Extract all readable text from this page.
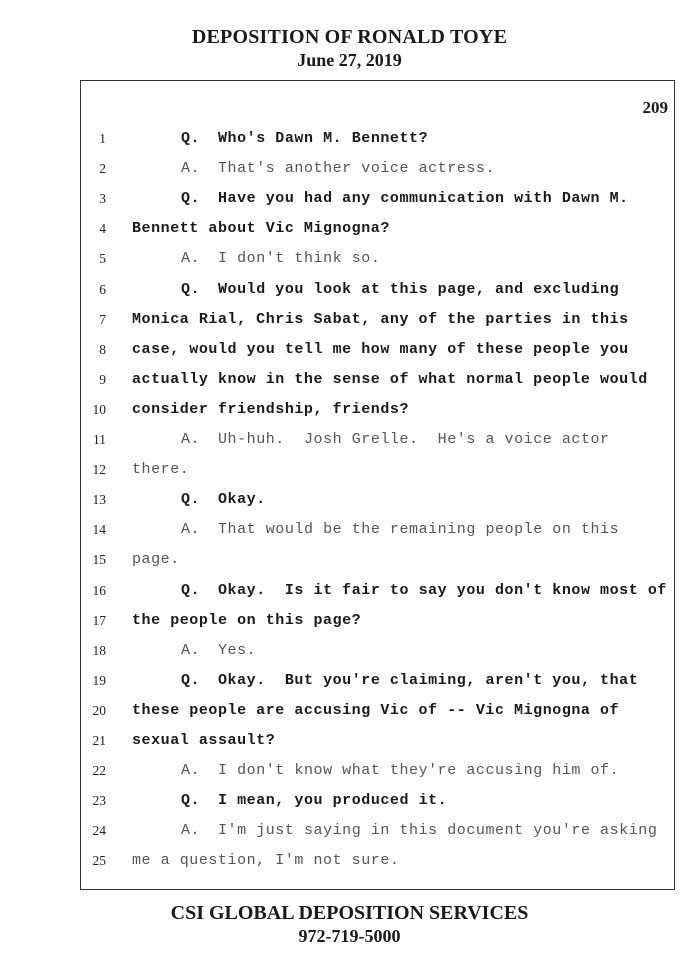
DEPOSITION OF RONALD TOYE
June 27, 2019
209
1	Q. Who's Dawn M. Bennett?
2	A. That's another voice actress.
3	Q. Have you had any communication with Dawn M.
4 Bennett about Vic Mignogna?
5	A. I don't think so.
6	Q. Would you look at this page, and excluding
7 Monica Rial, Chris Sabat, any of the parties in this
8 case, would you tell me how many of these people you
9 actually know in the sense of what normal people would
10 consider friendship, friends?
11	A. Uh-huh.  Josh Grelle.  He's a voice actor
12 there.
13	Q. Okay.
14	A. That would be the remaining people on this
15 page.
16	Q. Okay.  Is it fair to say you don't know most of
17 the people on this page?
18	A. Yes.
19	Q. Okay.  But you're claiming, aren't you, that
20 these people are accusing Vic of -- Vic Mignogna of
21 sexual assault?
22	A. I don't know what they're accusing him of.
23	Q. I mean, you produced it.
24	A. I'm just saying in this document you're asking
25 me a question, I'm not sure.
CSI GLOBAL DEPOSITION SERVICES
972-719-5000
